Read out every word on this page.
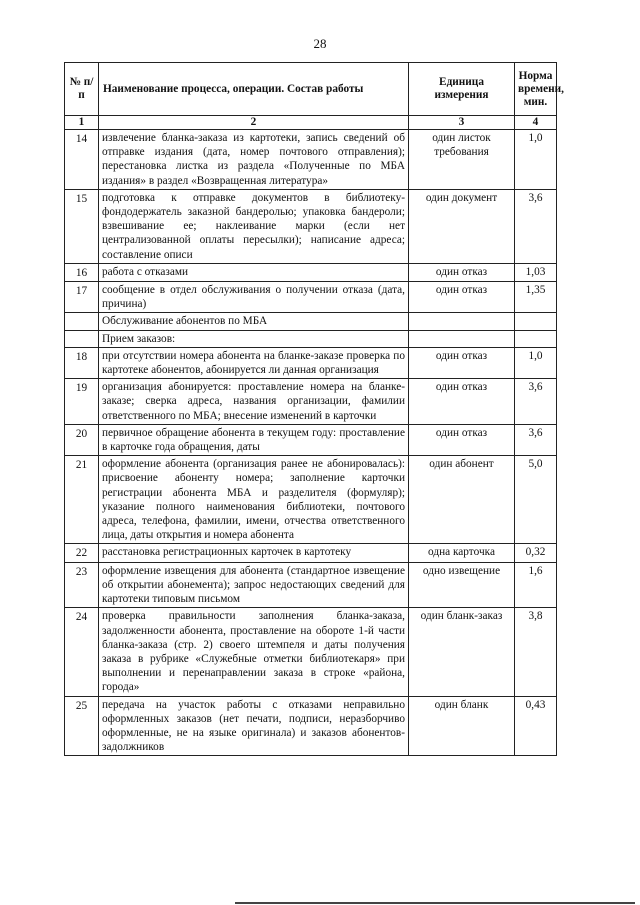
28
№ п/п	Наименование процесса, операции. Состав работы	Единица измерения	Норма времени, мин.
1	2	3	4
14	извлечение бланка-заказа из картотеки, запись сведений об отправке издания (дата, номер почтового отправления); перестановка листка из раздела «Полученные по МБА издания» в раздел «Возвращенная литература»	один листок требования	1,0
15	подготовка к отправке документов в библиотеку-фондодержатель заказной бандеролью; упаковка бандероли; взвешивание ее; наклеивание марки (если нет централизованной оплаты пересылки); написание адреса; составление описи	один документ	3,6
16	работа с отказами	один отказ	1,03
17	сообщение в отдел обслуживания о получении отказа (дата, причина)	один отказ	1,35
	Обслуживание абонентов по МБА		
	Прием заказов:		
18	при отсутствии номера абонента на бланке-заказе проверка по картотеке абонентов, абонируется ли данная организация	один отказ	1,0
19	организация абонируется: проставление номера на бланке-заказе; сверка адреса, названия организации, фамилии ответственного по МБА; внесение изменений в карточки	один отказ	3,6
20	первичное обращение абонента в текущем году: проставление в карточке года обращения, даты	один отказ	3,6
21	оформление абонента (организация ранее не абонировалась): присвоение абоненту номера; заполнение карточки регистрации абонента МБА и разделителя (формуляр); указание полного наименования библиотеки, почтового адреса, телефона, фамилии, имени, отчества ответственного лица, даты открытия и номера абонента	один абонент	5,0
22	расстановка регистрационных карточек в картотеку	одна карточка	0,32
23	оформление извещения для абонента (стандартное извещение об открытии абонемента); запрос недостающих сведений для картотеки типовым письмом	одно извещение	1,6
24	проверка правильности заполнения бланка-заказа, задолженности абонента, проставление на обороте 1-й части бланка-заказа (стр. 2) своего штемпеля и даты получения заказа в рубрике «Служебные отметки библиотекаря» при выполнении и перенаправлении заказа в строке «района, города»	один бланк-заказ	3,8
25	передача на участок работы с отказами неправильно оформленных заказов (нет печати, подписи, неразборчиво оформленные, не на языке оригинала) и заказов абонентов-задолжников	один бланк	0,43
